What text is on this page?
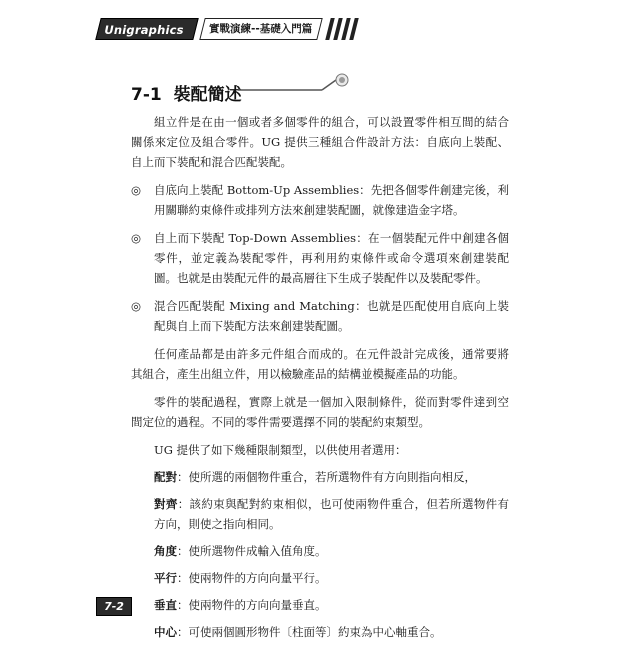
Unigraphics NX8
實戰演練--基礎入門篇
7-1 裝配簡述

組立件是在由一個或者多個零件的組合，可以設置零件相互間的結合關係來定位及組合零件。UG 提供三種組合件設計方法：自底向上裝配、自上而下裝配和混合匹配裝配。

◎ 自底向上裝配 Bottom-Up Assemblies：先把各個零件創建完後，利用關聯約束條件或排列方法來創建裝配圖，就像建造金字塔。

◎ 自上而下裝配 Top-Down Assemblies：在一個裝配元件中創建各個零件，並定義為裝配零件，再利用約束條件或命令選項來創建裝配圖。也就是由裝配元件的最高層往下生成子裝配件以及裝配零件。

◎ 混合匹配裝配 Mixing and Matching：也就是匹配使用自底向上裝配與自上而下裝配方法來創建裝配圖。

任何產品都是由許多元件組合而成的。在元件設計完成後，通常要將其組合，產生出組立件，用以檢驗產品的結構並模擬產品的功能。

零件的裝配過程，實際上就是一個加入限制條件，從而對零件達到空間定位的過程。不同的零件需要選擇不同的裝配約束類型。

UG 提供了如下幾種限制類型，以供使用者選用：

配對：使所選的兩個物件重合，若所選物件有方向則指向相反，

對齊：該約束與配對約束相似，也可使兩物件重合，但若所選物件有方向，則使之指向相同。

角度：使所選物件成輸入值角度。

平行：使兩物件的方向向量平行。

垂直：使兩物件的方向向量垂直。

中心：可使兩個圓形物件〔柱面等〕約束為中心軸重合。

7-2
